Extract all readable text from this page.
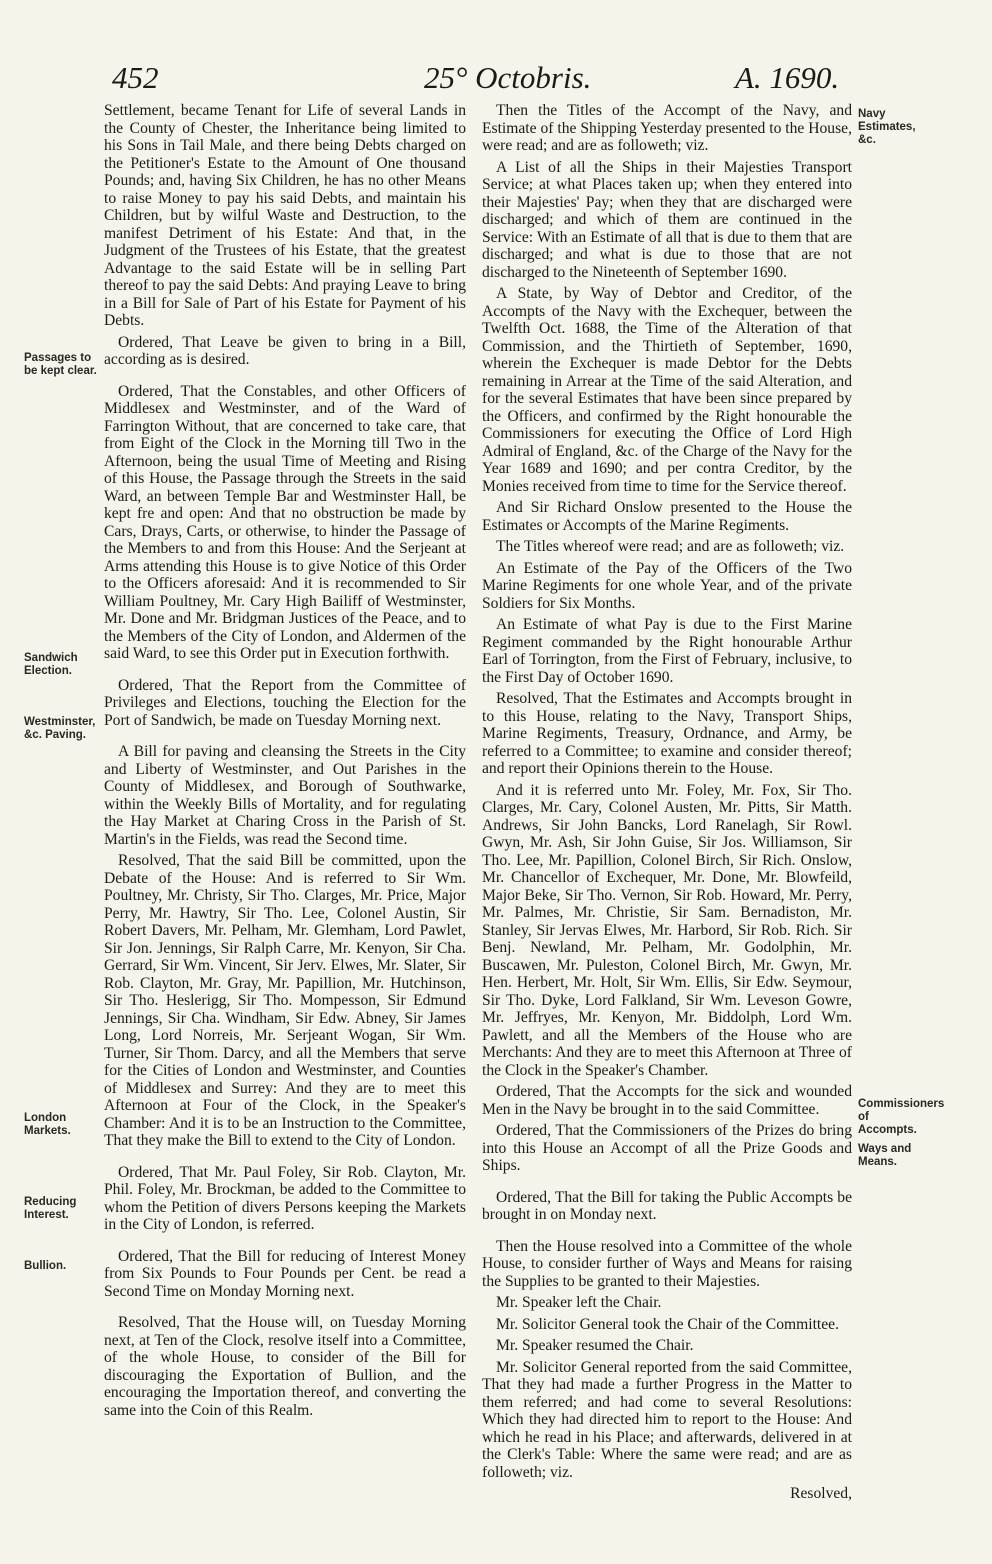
452	25° Octobris.	A. 1690.
Passages to be kept clear.
Sandwich Election.
Westminster, &c. Paving.
London Markets.
Reducing Interest.
Bullion.
Navy Estimates, &c.
Commissioners of Accompts.
Ways and Means.

Settlement, became Tenant for Life of several Lands in the County of Chester, the Inheritance being limited to his Sons in Tail Male, and there being Debts charged on the Petitioner's Estate to the Amount of One thousand Pounds; and, having Six Children, he has no other Means to raise Money to pay his said Debts, and maintain his Children, but by wilful Waste and Destruction, to the manifest Detriment of his Estate: And that, in the Judgment of the Trustees of his Estate, that the greatest Advantage to the said Estate will be in selling Part thereof to pay the said Debts: And praying Leave to bring in a Bill for Sale of Part of his Estate for Payment of his Debts.

Ordered, That Leave be given to bring in a Bill, according as is desired.

Ordered, That the Constables, and other Officers of Middlesex and Westminster, and of the Ward of Farrington Without, that are concerned to take care, that from Eight of the Clock in the Morning till Two in the Afternoon, being the usual Time of Meeting and Rising of this House, the Passage through the Streets in the said Ward, an between Temple Bar and Westminster Hall, be kept fre and open: And that no obstruction be made by Cars, Drays, Carts, or otherwise, to hinder the Passage of the Members to and from this House: And the Serjeant at Arms attending this House is to give Notice of this Order to the Officers aforesaid: And it is recommended to Sir William Poultney, Mr. Cary High Bailiff of Westminster, Mr. Done and Mr. Bridgman Justices of the Peace, and to the Members of the City of London, and Aldermen of the said Ward, to see this Order put in Execution forthwith.

Ordered, That the Report from the Committee of Privileges and Elections, touching the Election for the Port of Sandwich, be made on Tuesday Morning next.

A Bill for paving and cleansing the Streets in the City and Liberty of Westminster, and Out Parishes in the County of Middlesex, and Borough of Southwarke, within the Weekly Bills of Mortality, and for regulating the Hay Market at Charing Cross in the Parish of St. Martin's in the Fields, was read the Second time.

Resolved, That the said Bill be committed, upon the Debate of the House: And is referred to Sir Wm. Poultney, Mr. Christy, Sir Tho. Clarges, Mr. Price, Major Perry, Mr. Hawtry, Sir Tho. Lee, Colonel Austin, Sir Robert Davers, Mr. Pelham, Mr. Glemham, Lord Pawlet, Sir Jon. Jennings, Sir Ralph Carre, Mr. Kenyon, Sir Cha. Gerrard, Sir Wm. Vincent, Sir Jerv. Elwes, Mr. Slater, Sir Rob. Clayton, Mr. Gray, Mr. Papillion, Mr. Hutchinson, Sir Tho. Heslerigg, Sir Tho. Mompesson, Sir Edmund Jennings, Sir Cha. Windham, Sir Edw. Abney, Sir James Long, Lord Norreis, Mr. Serjeant Wogan, Sir Wm. Turner, Sir Thom. Darcy, and all the Members that serve for the Cities of London and Westminster, and Counties of Middlesex and Surrey: And they are to meet this Afternoon at Four of the Clock, in the Speaker's Chamber: And it is to be an Instruction to the Committee, That they make the Bill to extend to the City of London.

Ordered, That Mr. Paul Foley, Sir Rob. Clayton, Mr. Phil. Foley, Mr. Brockman, be added to the Committee to whom the Petition of divers Persons keeping the Markets in the City of London, is referred.

Ordered, That the Bill for reducing of Interest Money from Six Pounds to Four Pounds per Cent. be read a Second Time on Monday Morning next.

Resolved, That the House will, on Tuesday Morning next, at Ten of the Clock, resolve itself into a Committee, of the whole House, to consider of the Bill for discouraging the Exportation of Bullion, and the encouraging the Importation thereof, and converting the same into the Coin of this Realm.

Then the Titles of the Accompt of the Navy, and Estimate of the Shipping Yesterday presented to the House, were read; and are as followeth; viz.

A List of all the Ships in their Majesties Transport Service; at what Places taken up; when they entered into their Majesties' Pay; when they that are discharged were discharged; and which of them are continued in the Service: With an Estimate of all that is due to them that are discharged; and what is due to those that are not discharged to the Nineteenth of September 1690.

A State, by Way of Debtor and Creditor, of the Accompts of the Navy with the Exchequer, between the Twelfth Oct. 1688, the Time of the Alteration of that Commission, and the Thirtieth of September, 1690, wherein the Exchequer is made Debtor for the Debts remaining in Arrear at the Time of the said Alteration, and for the several Estimates that have been since prepared by the Officers, and confirmed by the Right honourable the Commissioners for executing the Office of Lord High Admiral of England, &c. of the Charge of the Navy for the Year 1689 and 1690; and per contra Creditor, by the Monies received from time to time for the Service thereof.

And Sir Richard Onslow presented to the House the Estimates or Accompts of the Marine Regiments.

The Titles whereof were read; and are as followeth; viz.

An Estimate of the Pay of the Officers of the Two Marine Regiments for one whole Year, and of the private Soldiers for Six Months.

An Estimate of what Pay is due to the First Marine Regiment commanded by the Right honourable Arthur Earl of Torrington, from the First of February, inclusive, to the First Day of October 1690.

Resolved, That the Estimates and Accompts brought in to this House, relating to the Navy, Transport Ships, Marine Regiments, Treasury, Ordnance, and Army, be referred to a Committee; to examine and consider thereof; and report their Opinions therein to the House.

And it is referred unto Mr. Foley, Mr. Fox, Sir Tho. Clarges, Mr. Cary, Colonel Austen, Mr. Pitts, Sir Matth. Andrews, Sir John Bancks, Lord Ranelagh, Sir Rowl. Gwyn, Mr. Ash, Sir John Guise, Sir Jos. Williamson, Sir Tho. Lee, Mr. Papillion, Colonel Birch, Sir Rich. Onslow, Mr. Chancellor of Exchequer, Mr. Done, Mr. Blowfeild, Major Beke, Sir Tho. Vernon, Sir Rob. Howard, Mr. Perry, Mr. Palmes, Mr. Christie, Sir Sam. Bernadiston, Mr. Stanley, Sir Jervas Elwes, Mr. Harbord, Sir Rob. Rich. Sir Benj. Newland, Mr. Pelham, Mr. Godolphin, Mr. Buscawen, Mr. Puleston, Colonel Birch, Mr. Gwyn, Mr. Hen. Herbert, Mr. Holt, Sir Wm. Ellis, Sir Edw. Seymour, Sir Tho. Dyke, Lord Falkland, Sir Wm. Leveson Gowre, Mr. Jeffryes, Mr. Kenyon, Mr. Biddolph, Lord Wm. Pawlett, and all the Members of the House who are Merchants: And they are to meet this Afternoon at Three of the Clock in the Speaker's Chamber.

Ordered, That the Accompts for the sick and wounded Men in the Navy be brought in to the said Committee.

Ordered, That the Commissioners of the Prizes do bring into this House an Accompt of all the Prize Goods and Ships.

Ordered, That the Bill for taking the Public Accompts be brought in on Monday next.

Then the House resolved into a Committee of the whole House, to consider further of Ways and Means for raising the Supplies to be granted to their Majesties.

Mr. Speaker left the Chair.

Mr. Solicitor General took the Chair of the Committee.

Mr. Speaker resumed the Chair.

Mr. Solicitor General reported from the said Committee, That they had made a further Progress in the Matter to them referred; and had come to several Resolutions: Which they had directed him to report to the House: And which he read in his Place; and afterwards, delivered in at the Clerk's Table: Where the same were read; and are as followeth; viz.

Resolved,
